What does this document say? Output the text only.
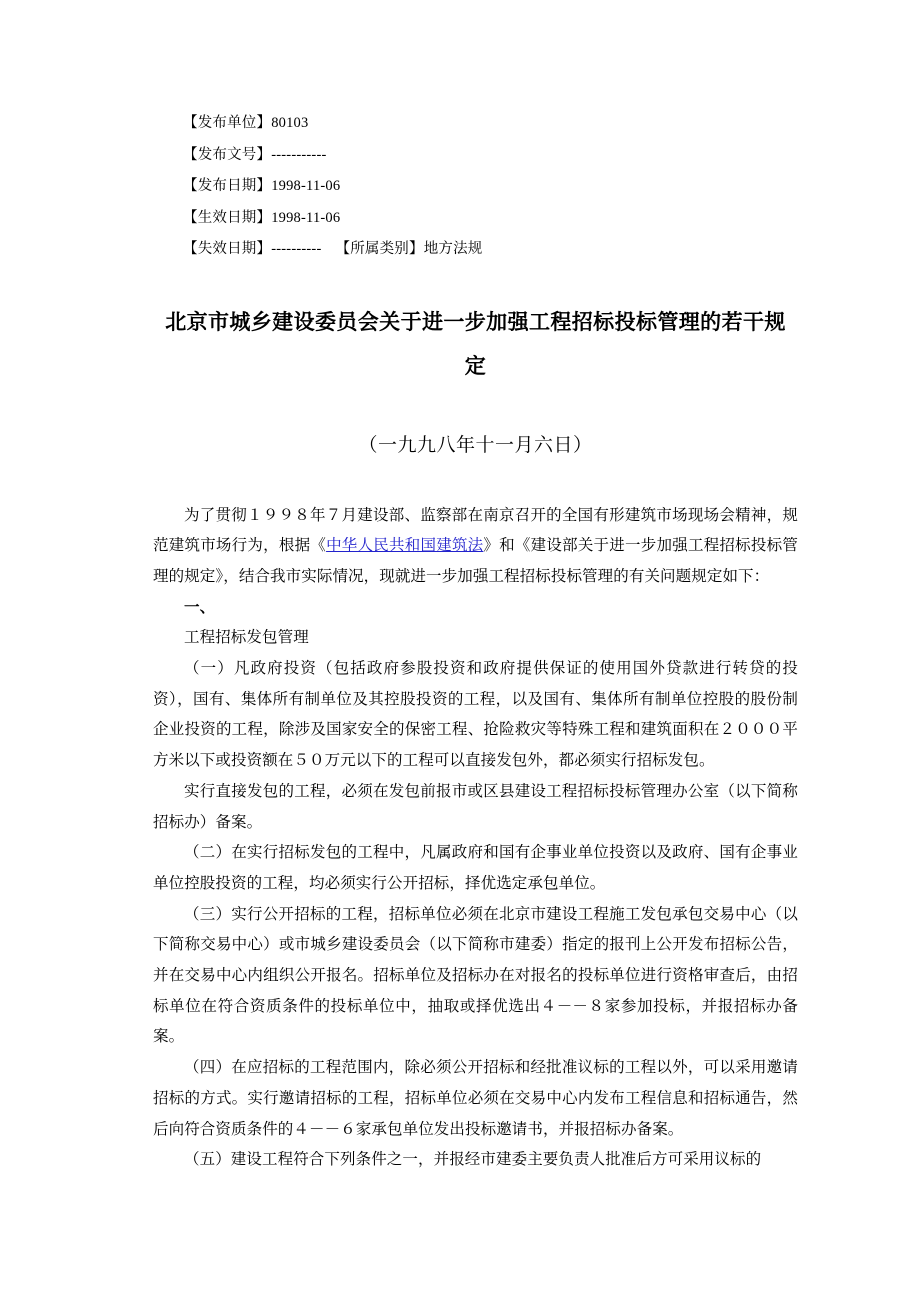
【发布单位】80103
【发布文号】-----------
【发布日期】1998-11-06
【生效日期】1998-11-06
【失效日期】---------- 【所属类别】地方法规
北京市城乡建设委员会关于进一步加强工程招标投标管理的若干规定
（一九九八年十一月六日）

为了贯彻１９９８年７月建设部、监察部在南京召开的全国有形建筑市场现场会精神，规范建筑市场行为，根据《中华人民共和国建筑法》和《建设部关于进一步加强工程招标投标管理的规定》，结合我市实际情况，现就进一步加强工程招标投标管理的有关问题规定如下：

一、

工程招标发包管理

（一）凡政府投资（包括政府参股投资和政府提供保证的使用国外贷款进行转贷的投资），国有、集体所有制单位及其控股投资的工程，以及国有、集体所有制单位控股的股份制企业投资的工程，除涉及国家安全的保密工程、抢险救灾等特殊工程和建筑面积在２０００平方米以下或投资额在５０万元以下的工程可以直接发包外，都必须实行招标发包。

实行直接发包的工程，必须在发包前报市或区县建设工程招标投标管理办公室（以下简称招标办）备案。

（二）在实行招标发包的工程中，凡属政府和国有企事业单位投资以及政府、国有企事业单位控股投资的工程，均必须实行公开招标，择优选定承包单位。

（三）实行公开招标的工程，招标单位必须在北京市建设工程施工发包承包交易中心（以下简称交易中心）或市城乡建设委员会（以下简称市建委）指定的报刊上公开发布招标公告，并在交易中心内组织公开报名。招标单位及招标办在对报名的投标单位进行资格审查后，由招标单位在符合资质条件的投标单位中，抽取或择优选出４－－８家参加投标，并报招标办备案。

（四）在应招标的工程范围内，除必须公开招标和经批准议标的工程以外，可以采用邀请招标的方式。实行邀请招标的工程，招标单位必须在交易中心内发布工程信息和招标通告，然后向符合资质条件的４－－６家承包单位发出投标邀请书，并报招标办备案。

（五）建设工程符合下列条件之一，并报经市建委主要负责人批准后方可采用议标的
